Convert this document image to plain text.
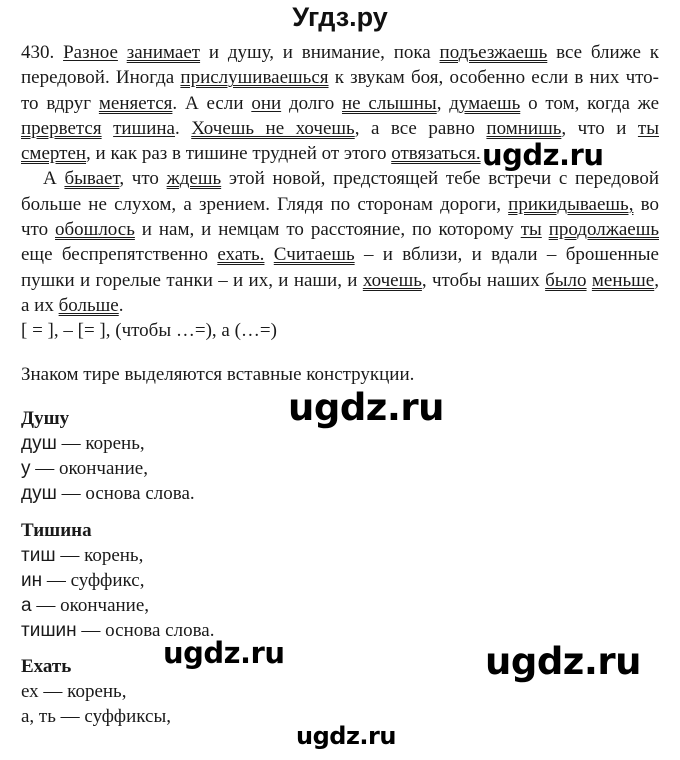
Угдз.ру

430. Разное занимает и душу, и внимание, пока подъезжаешь все ближе к передовой. Иногда прислушиваешься к звукам боя, особенно если в них что-то вдруг меняется. А если они долго не слышны, думаешь о том, когда же прервется тишина. Хочешь не хочешь, а все равно помнишь, что и ты смертен, и как раз в тишине трудней от этого отвязаться.

А бывает, что ждешь этой новой, предстоящей тебе встречи с передовой больше не слухом, а зрением. Глядя по сторонам дороги, прикидываешь, во что обошлось и нам, и немцам то расстояние, по которому ты продолжаешь еще беспрепятственно ехать. Считаешь – и вблизи, и вдали – брошенные пушки и горелые танки – и их, и наши, и хочешь, чтобы наших было меньше, а их больше.

[ = ], – [= ], (чтобы …=), а (…=)

Знаком тире выделяются вставные конструкции.
Душу
душ — корень,
у — окончание,
душ — основа слова.
Тишина
тиш — корень,
ин — суффикс,
а — окончание,
тишин — основа слова.
Ехать
ех — корень,
а, ть — суффиксы,
ugdz.ru
ugdz.ru
ugdz.ru	ugdz.ru
ugdz.ru
